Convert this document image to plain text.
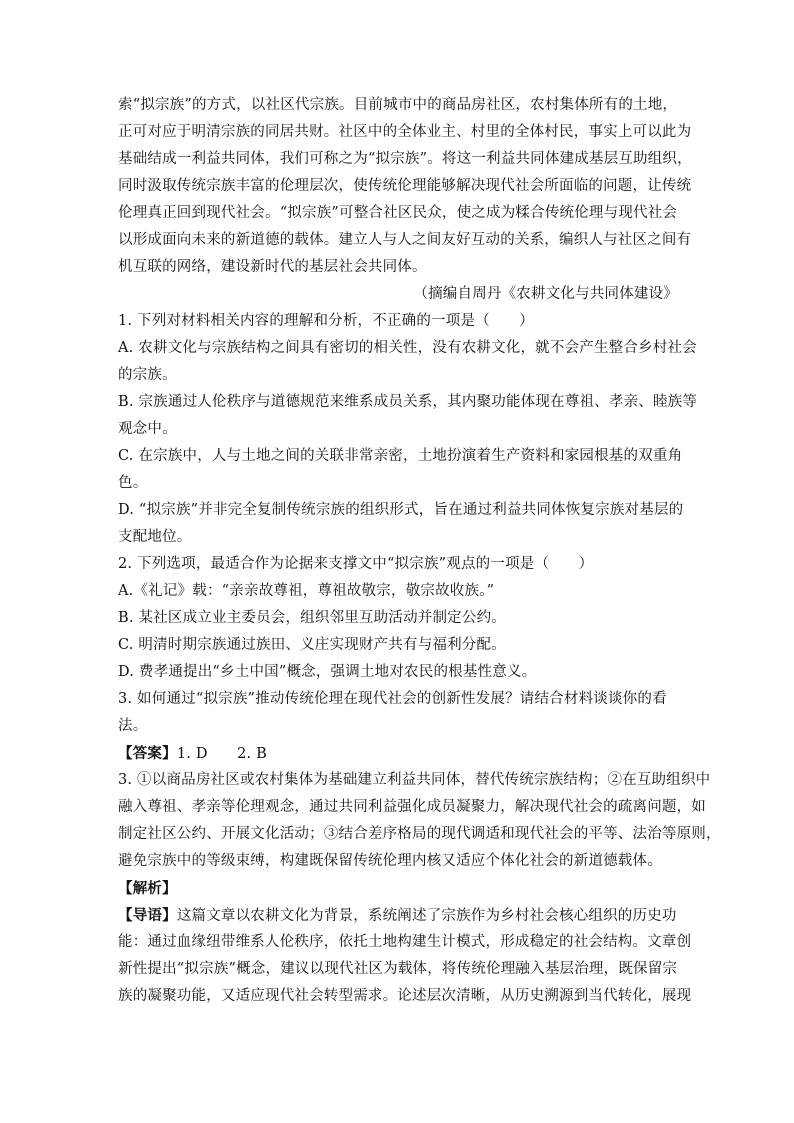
索“拟宗族”的方式，以社区代宗族。目前城市中的商品房社区，农村集体所有的土地，
正可对应于明清宗族的同居共财。社区中的全体业主、村里的全体村民，事实上可以此为
基础结成一利益共同体，我们可称之为“拟宗族”。将这一利益共同体建成基层互助组织，
同时汲取传统宗族丰富的伦理层次，使传统伦理能够解决现代社会所面临的问题，让传统
伦理真正回到现代社会。“拟宗族”可整合社区民众，使之成为糅合传统伦理与现代社会
以形成面向未来的新道德的载体。建立人与人之间友好互动的关系，编织人与社区之间有
机互联的网络，建设新时代的基层社会共同体。
（摘编自周丹《农耕文化与共同体建设》
1. 下列对材料相关内容的理解和分析，不正确的一项是（　　）
A. 农耕文化与宗族结构之间具有密切的相关性，没有农耕文化，就不会产生整合乡村社会
的宗族。
B. 宗族通过人伦秩序与道德规范来维系成员关系，其内聚功能体现在尊祖、孝亲、睦族等
观念中。
C. 在宗族中，人与土地之间的关联非常亲密，土地扮演着生产资料和家园根基的双重角
色。
D. “拟宗族”并非完全复制传统宗族的组织形式，旨在通过利益共同体恢复宗族对基层的
支配地位。
2. 下列选项，最适合作为论据来支撑文中“拟宗族”观点的一项是（　　）
A.《礼记》载：“亲亲故尊祖，尊祖故敬宗，敬宗故收族。”
B. 某社区成立业主委员会，组织邻里互助活动并制定公约。
C. 明清时期宗族通过族田、义庄实现财产共有与福利分配。
D. 费孝通提出“乡土中国”概念，强调土地对农民的根基性意义。
3. 如何通过“拟宗族”推动传统伦理在现代社会的创新性发展？请结合材料谈谈你的看
法。
【答案】1. D　　2. B
3. ①以商品房社区或农村集体为基础建立利益共同体，替代传统宗族结构；②在互助组织中
融入尊祖、孝亲等伦理观念，通过共同利益强化成员凝聚力，解决现代社会的疏离问题，如
制定社区公约、开展文化活动；③结合差序格局的现代调适和现代社会的平等、法治等原则，
避免宗族中的等级束缚，构建既保留传统伦理内核又适应个体化社会的新道德载体。
【解析】
【导语】这篇文章以农耕文化为背景，系统阐述了宗族作为乡村社会核心组织的历史功
能：通过血缘纽带维系人伦秩序，依托土地构建生计模式，形成稳定的社会结构。文章创
新性提出“拟宗族”概念，建议以现代社区为载体，将传统伦理融入基层治理，既保留宗
族的凝聚功能，又适应现代社会转型需求。论述层次清晰，从历史溯源到当代转化，展现
